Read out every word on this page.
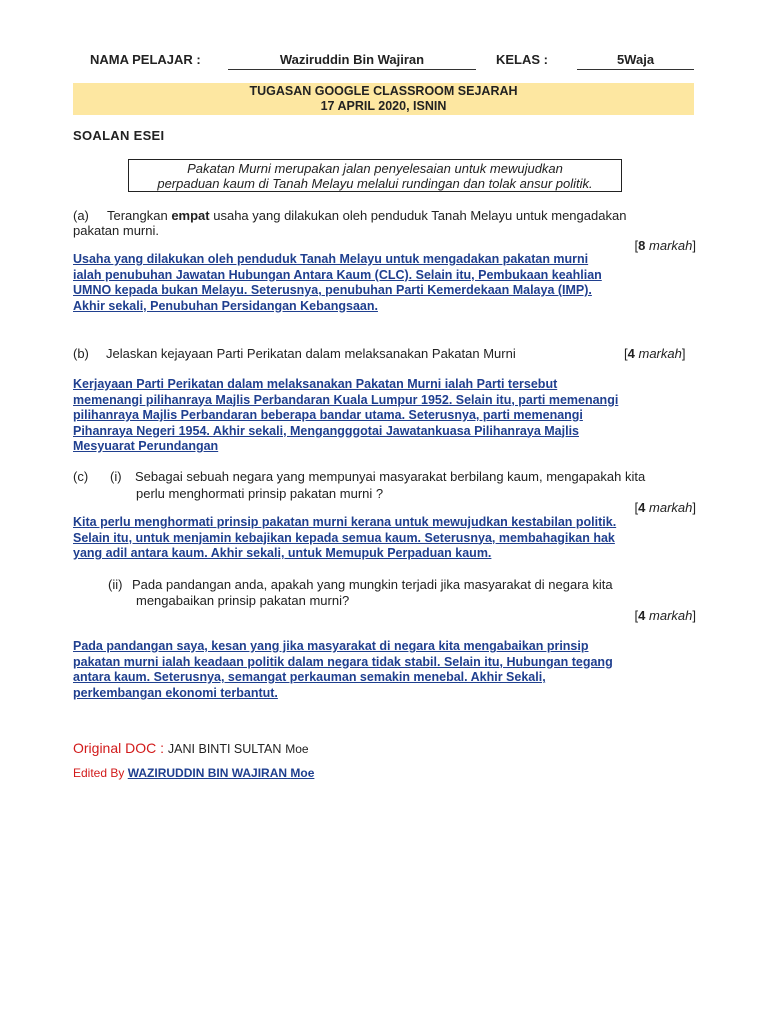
NAMA PELAJAR :	Waziruddin Bin Wajiran	KELAS :	5Waja
TUGASAN GOOGLE CLASSROOM SEJARAH
17 APRIL 2020, ISNIN
SOALAN ESEI
Pakatan Murni merupakan jalan penyelesaian untuk mewujudkan
perpaduan kaum di Tanah Melayu melalui rundingan dan tolak ansur politik.
(a) Terangkan empat usaha yang dilakukan oleh penduduk Tanah Melayu untuk mengadakan
pakatan murni.
[8 markah]
Usaha yang dilakukan oleh penduduk Tanah Melayu untuk mengadakan pakatan murni
ialah penubuhan Jawatan Hubungan Antara Kaum (CLC). Selain itu, Pembukaan keahlian
UMNO kepada bukan Melayu. Seterusnya, penubuhan Parti Kemerdekaan Malaya (IMP).
Akhir sekali, Penubuhan Persidangan Kebangsaan.
(b) Jelaskan kejayaan Parti Perikatan dalam melaksanakan Pakatan Murni	[4 markah]
Kerjayaan Parti Perikatan dalam melaksanakan Pakatan Murni ialah Parti tersebut
memenangi pilihanraya Majlis Perbandaran Kuala Lumpur 1952. Selain itu, parti memenangi
pilihanraya Majlis Perbandaran beberapa bandar utama. Seterusnya, parti memenangi
Pihanraya Negeri 1954. Akhir sekali, Mengangggotai Jawatankuasa Pilihanraya Majlis
Mesyuarat Perundangan
(c) (i) Sebagai sebuah negara yang mempunyai masyarakat berbilang kaum, mengapakah kita
perlu menghormati prinsip pakatan murni ?
[4 markah]
Kita perlu menghormati prinsip pakatan murni kerana untuk mewujudkan kestabilan politik.
Selain itu, untuk menjamin kebajikan kepada semua kaum. Seterusnya, membahagikan hak
yang adil antara kaum. Akhir sekali, untuk Memupuk Perpaduan kaum.
(ii) Pada pandangan anda, apakah yang mungkin terjadi jika masyarakat di negara kita
mengabaikan prinsip pakatan murni?
[4 markah]
Pada pandangan saya, kesan yang jika masyarakat di negara kita mengabaikan prinsip
pakatan murni ialah keadaan politik dalam negara tidak stabil. Selain itu, Hubungan tegang
antara kaum. Seterusnya, semangat perkauman semakin menebal. Akhir Sekali,
perkembangan ekonomi terbantut.
Original DOC : JANI BINTI SULTAN Moe
Edited By WAZIRUDDIN BIN WAJIRAN Moe
